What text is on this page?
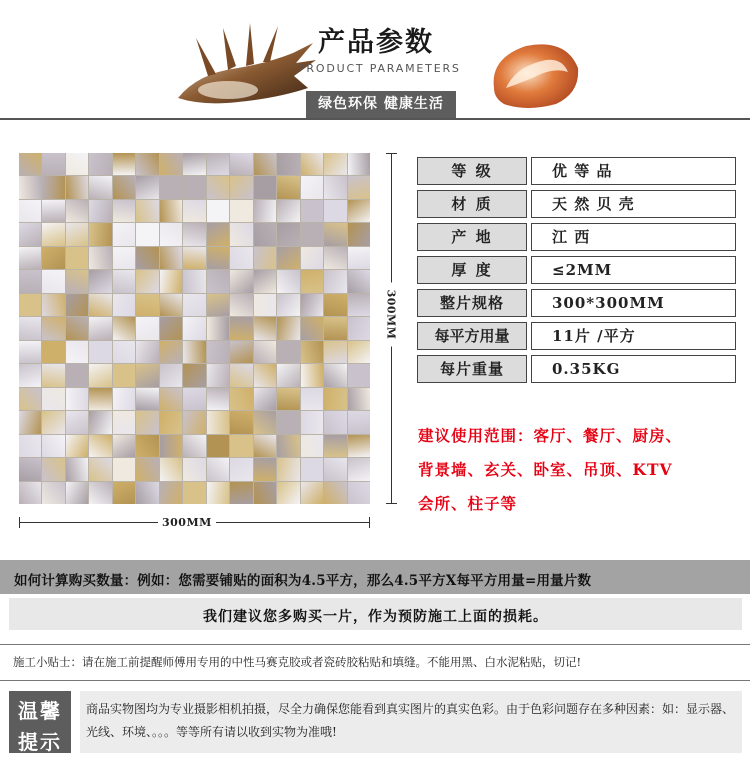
产品参数
PRODUCT PARAMETERS
绿色环保 健康生活
300MM
300MM
等 级	优 等 品
材 质	天 然 贝 壳
产 地	江 西
厚 度	≤2MM
整片规格	300*300MM
每平方用量	11片 /平方
每片重量	0.35KG
建议使用范围：客厅、餐厅、厨房、
背景墙、玄关、卧室、吊顶、KTV
会所、柱子等
如何计算购买数量：例如：您需要铺贴的面积为4.5平方，那么4.5平方X每平方用量=用量片数
我们建议您多购买一片，作为预防施工上面的损耗。
施工小贴士：请在施工前提醒师傅用专用的中性马赛克胶或者瓷砖胶粘贴和填缝。不能用黑、白水泥粘贴，切记!
温馨
提示
商品实物图均为专业摄影相机拍摄，尽全力确保您能看到真实图片的真实色彩。由于色彩问题存在多种因素：如：显示器、光线、环境、。。。等等所有请以收到实物为准哦!
